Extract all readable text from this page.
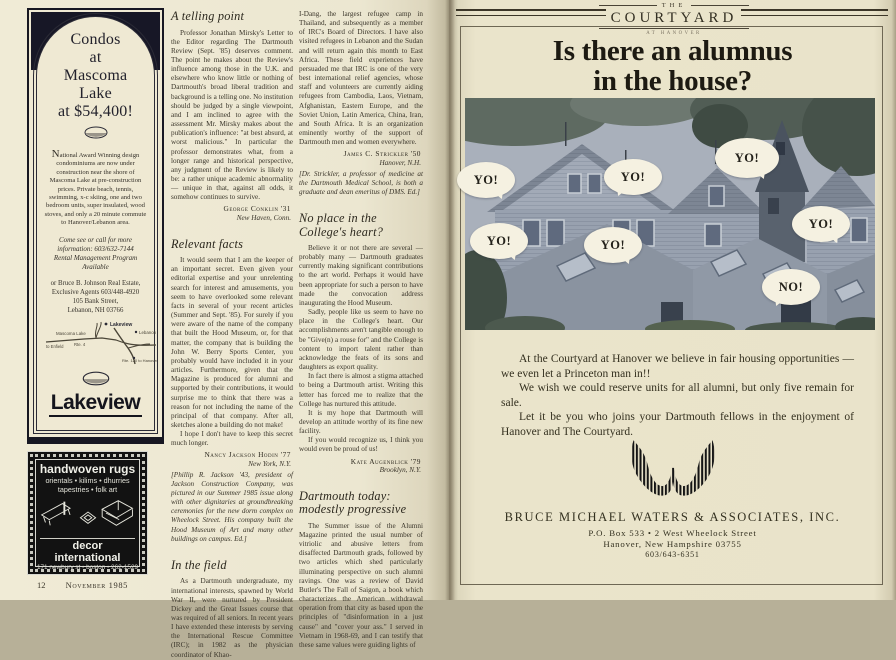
Condos
at
Mascoma
Lake
at $54,400!
National Award Winning design condominiums are now under construction near the shore of Mascoma Lake at pre-construction prices. Private beach, tennis, swimming, x-c skiing, one and two bedroom units, super insulated, wood stoves, and only a 20 minute commute to Hanover/Lebanon area.
Come see or call for more information: 603/632-7144
Rental Management Program Available
or Bruce B. Johnson Real Estate, Exclusive Agents 603/448-4920
105 Bank Street,
Lebanon, NH 03766
Lakeview
Mascoma Lake	Lebanon
to Enfield	Rte. 4
Rte. 120 to Hanover
Lakeview
handwoven rugs
orientals • kilims • dhurries
tapestries • folk art
decor international
171 newbury st • boston • 262-1529
12 November 1985
A telling point

Professor Jonathan Mirsky's Letter to the Editor regarding The Dartmouth Review (Sept. '85) deserves comment. The point he makes about the Review's influence among those in the U.K. and elsewhere who know little or nothing of Dartmouth's broad liberal tradition and background is a telling one. No institution should be judged by a single viewpoint, and I am inclined to agree with the assessment Mr. Mirsky makes about the publication's influence: "at best absurd, at worst malicious." In particular the professor demonstrates what, from a longer range and historical perspective, any judgment of the Review is likely to be: a rather unique academic abnormality — unique in that, against all odds, it somehow continues to survive.

George Conklin '31
New Haven, Conn.
Relevant facts

It would seem that I am the keeper of an important secret. Even given your editorial expertise and your unrelenting search for interest and amusements, you seem to have overlooked some relevant facts in several of your recent articles (Summer and Sept. '85). For surely if you were aware of the name of the company that built the Hood Museum, or, for that matter, the company that is building the John W. Berry Sports Center, you probably would have included it in your articles. Furthermore, given that the Magazine is produced for alumni and supported by their contributions, it would surprise me to think that there was a reason for not including the name of the principal of that company. After all, sketches alone a building do not make!

I hope I don't have to keep this secret much longer.

Nancy Jackson Hodin '77
New York, N.Y.

[Phillip R. Jackson '43, president of Jackson Construction Company, was pictured in our Summer 1985 issue along with other dignitaries at groundbreaking ceremonies for the new dorm complex on Wheelock Street. His company built the Hood Museum of Art and many other buildings on campus. Ed.]

In the field

As a Dartmouth undergraduate, my international interests, spawned by World War II, were nurtured by President Dickey and the Great Issues course that was required of all seniors. In recent years I have extended these interests by serving the International Rescue Committee (IRC); in 1982 as the physician coordinator of Khao-

I-Dang, the largest refugee camp in Thailand, and subsequently as a member of IRC's Board of Directors. I have also visited refugees in Lebanon and the Sudan and will return again this month to East Africa. These field experiences have persuaded me that IRC is one of the very best international relief agencies, whose staff and volunteers are currently aiding refugees from Cambodia, Laos, Vietnam, Afghanistan, Eastern Europe, and the Soviet Union, Latin America, China, Iran, and South Africa. It is an organization eminently worthy of the support of Dartmouth men and women everywhere.

James C. Strickler '50
Hanover, N.H.

[Dr. Strickler, a professor of medicine at the Dartmouth Medical School, is both a graduate and dean emeritus of DMS. Ed.]

No place in the College's heart?

Believe it or not there are several — probably many — Dartmouth graduates currently making significant contributions to the art world. Perhaps it would have been appropriate for such a person to have made the convocation address inaugurating the Hood Museum.

Sadly, people like us seem to have no place in the College's heart. Our accomplishments aren't tangible enough to be "Give(n) a rouse for" and the College is content to import talent rather than acknowledge the feats of its sons and daughters as export quality.

In fact there is almost a stigma attached to being a Dartmouth artist. Writing this letter has forced me to realize that the College has nurtured this attitude.

It is my hope that Dartmouth will develop an attitude worthy of its fine new facility.

If you would recognize us, I think you would even be proud of us!

Kate Augenblick '79
Brooklyn, N.Y.
Dartmouth today: modestly progressive

The Summer issue of the Alumni Magazine printed the usual number of vitriolic and abusive letters from disaffected Dartmouth grads, followed by two articles which shed particularly illuminating perspective on such alumni ravings. One was a review of David Butler's The Fall of Saigon, a book which characterizes the American withdrawal operation from that city as based upon the principles of "disinformation in a just cause" and "cover your ass." I served in Vietnam in 1968-69, and I can testify that these same values were guiding lights of

THE
COURTYARD
AT HANOVER
Is there an alumnus
in the house?
YO!	YO!
YO!
YO!	YO!
YO!
NO!

At the Courtyard at Hanover we believe in fair housing opportunities — we even let a Princeton man in!!

We wish we could reserve units for all alumni, but only five remain for sale.

Let it be you who joins your Dartmouth fellows in the enjoyment of Hanover and The Courtyard.

BRUCE MICHAEL WATERS & ASSOCIATES, INC.
P.O. Box 533 • 2 West Wheelock Street
Hanover, New Hampshire 03755
603/643-6351
